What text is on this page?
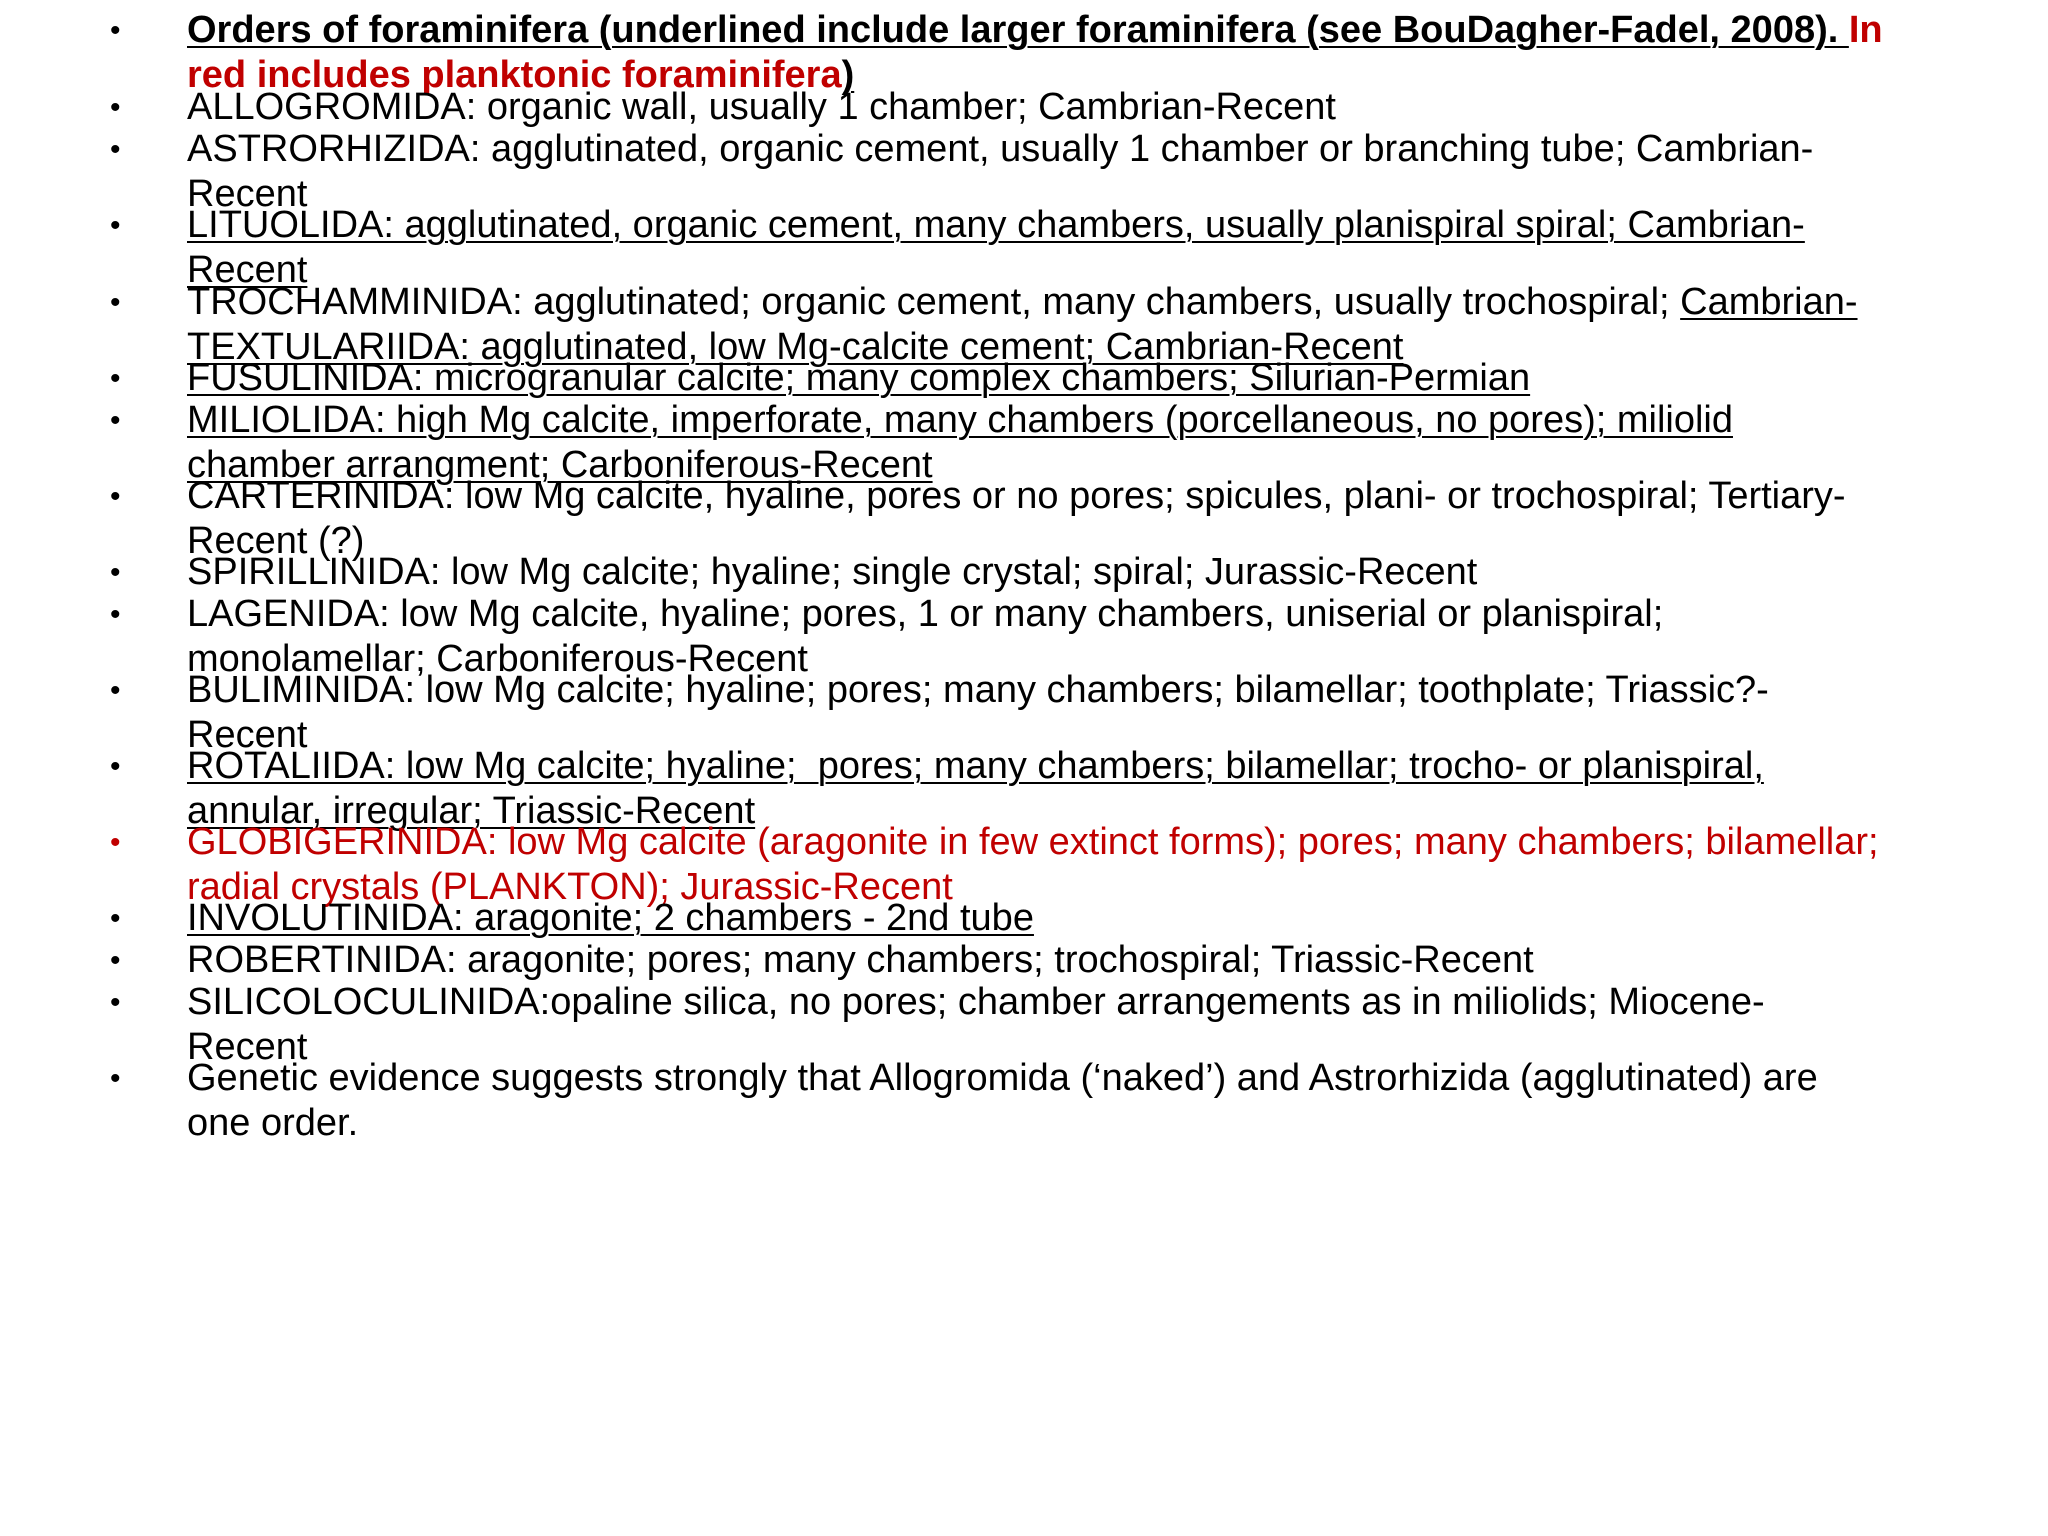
• Orders of foraminifera (underlined include larger foraminifera (see BouDagher-Fadel, 2008). In
red includes planktonic foraminifera)
• ALLOGROMIDA: organic wall, usually 1 chamber; Cambrian-Recent
• ASTRORHIZIDA: agglutinated, organic cement, usually 1 chamber or branching tube; Cambrian-
Recent
• LITUOLIDA: agglutinated, organic cement, many chambers, usually planispiral spiral; Cambrian-
Recent
• TROCHAMMINIDA: agglutinated; organic cement, many chambers, usually trochospiral; Cambrian-
TEXTULARIIDA: agglutinated, low Mg-calcite cement; Cambrian-Recent
• FUSULINIDA: microgranular calcite; many complex chambers; Silurian-Permian
• MILIOLIDA: high Mg calcite, imperforate, many chambers (porcellaneous, no pores); miliolid
chamber arrangment; Carboniferous-Recent
• CARTERINIDA: low Mg calcite, hyaline, pores or no pores; spicules, plani- or trochospiral; Tertiary-
Recent (?)
• SPIRILLINIDA: low Mg calcite; hyaline; single crystal; spiral; Jurassic-Recent
• LAGENIDA: low Mg calcite, hyaline; pores, 1 or many chambers, uniserial or planispiral;
monolamellar; Carboniferous-Recent
• BULIMINIDA: low Mg calcite; hyaline; pores; many chambers; bilamellar; toothplate; Triassic?-
Recent
• ROTALIIDA: low Mg calcite; hyaline;  pores; many chambers; bilamellar; trocho- or planispiral,
annular, irregular; Triassic-Recent
• GLOBIGERINIDA: low Mg calcite (aragonite in few extinct forms); pores; many chambers; bilamellar;
radial crystals (PLANKTON); Jurassic-Recent
• INVOLUTINIDA: aragonite; 2 chambers - 2nd tube
• ROBERTINIDA: aragonite; pores; many chambers; trochospiral; Triassic-Recent
• SILICOLOCULINIDA:opaline silica, no pores; chamber arrangements as in miliolids; Miocene-
Recent
• Genetic evidence suggests strongly that Allogromida (‘naked’) and Astrorhizida (agglutinated) are
one order.
